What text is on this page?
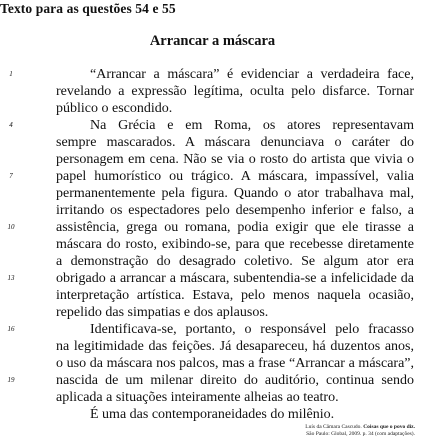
Texto para as questões 54 e 55
Arrancar a máscara
1
4
7
10
13
16
19
“Arrancar a máscara” é evidenciar a verdadeira face,
revelando a expressão legítima, oculta pelo disfarce. Tornar
público o escondido.
Na Grécia e em Roma, os atores representavam
sempre mascarados. A máscara denunciava o caráter do
personagem em cena. Não se via o rosto do artista que vivia o
papel humorístico ou trágico. A máscara, impassível, valia
permanentemente pela figura. Quando o ator trabalhava mal,
irritando os espectadores pelo desempenho inferior e falso, a
assistência, grega ou romana, podia exigir que ele tirasse a
máscara do rosto, exibindo-se, para que recebesse diretamente
a demonstração do desagrado coletivo. Se algum ator era
obrigado a arrancar a máscara, subentendia-se a infelicidade da
interpretação artística. Estava, pelo menos naquela ocasião,
repelido das simpatias e dos aplausos.
Identificava-se, portanto, o responsável pelo fracasso
na legitimidade das feições. Já desapareceu, há duzentos anos,
o uso da máscara nos palcos, mas a frase “Arrancar a máscara”,
nascida de um milenar direito do auditório, continua sendo
aplicada a situações inteiramente alheias ao teatro.
É uma das contemporaneidades do milênio.
Luís da Câmara Cascudo. Coisas que o povo diz.
São Paulo: Global, 2009. p. 34 (com adaptações).
